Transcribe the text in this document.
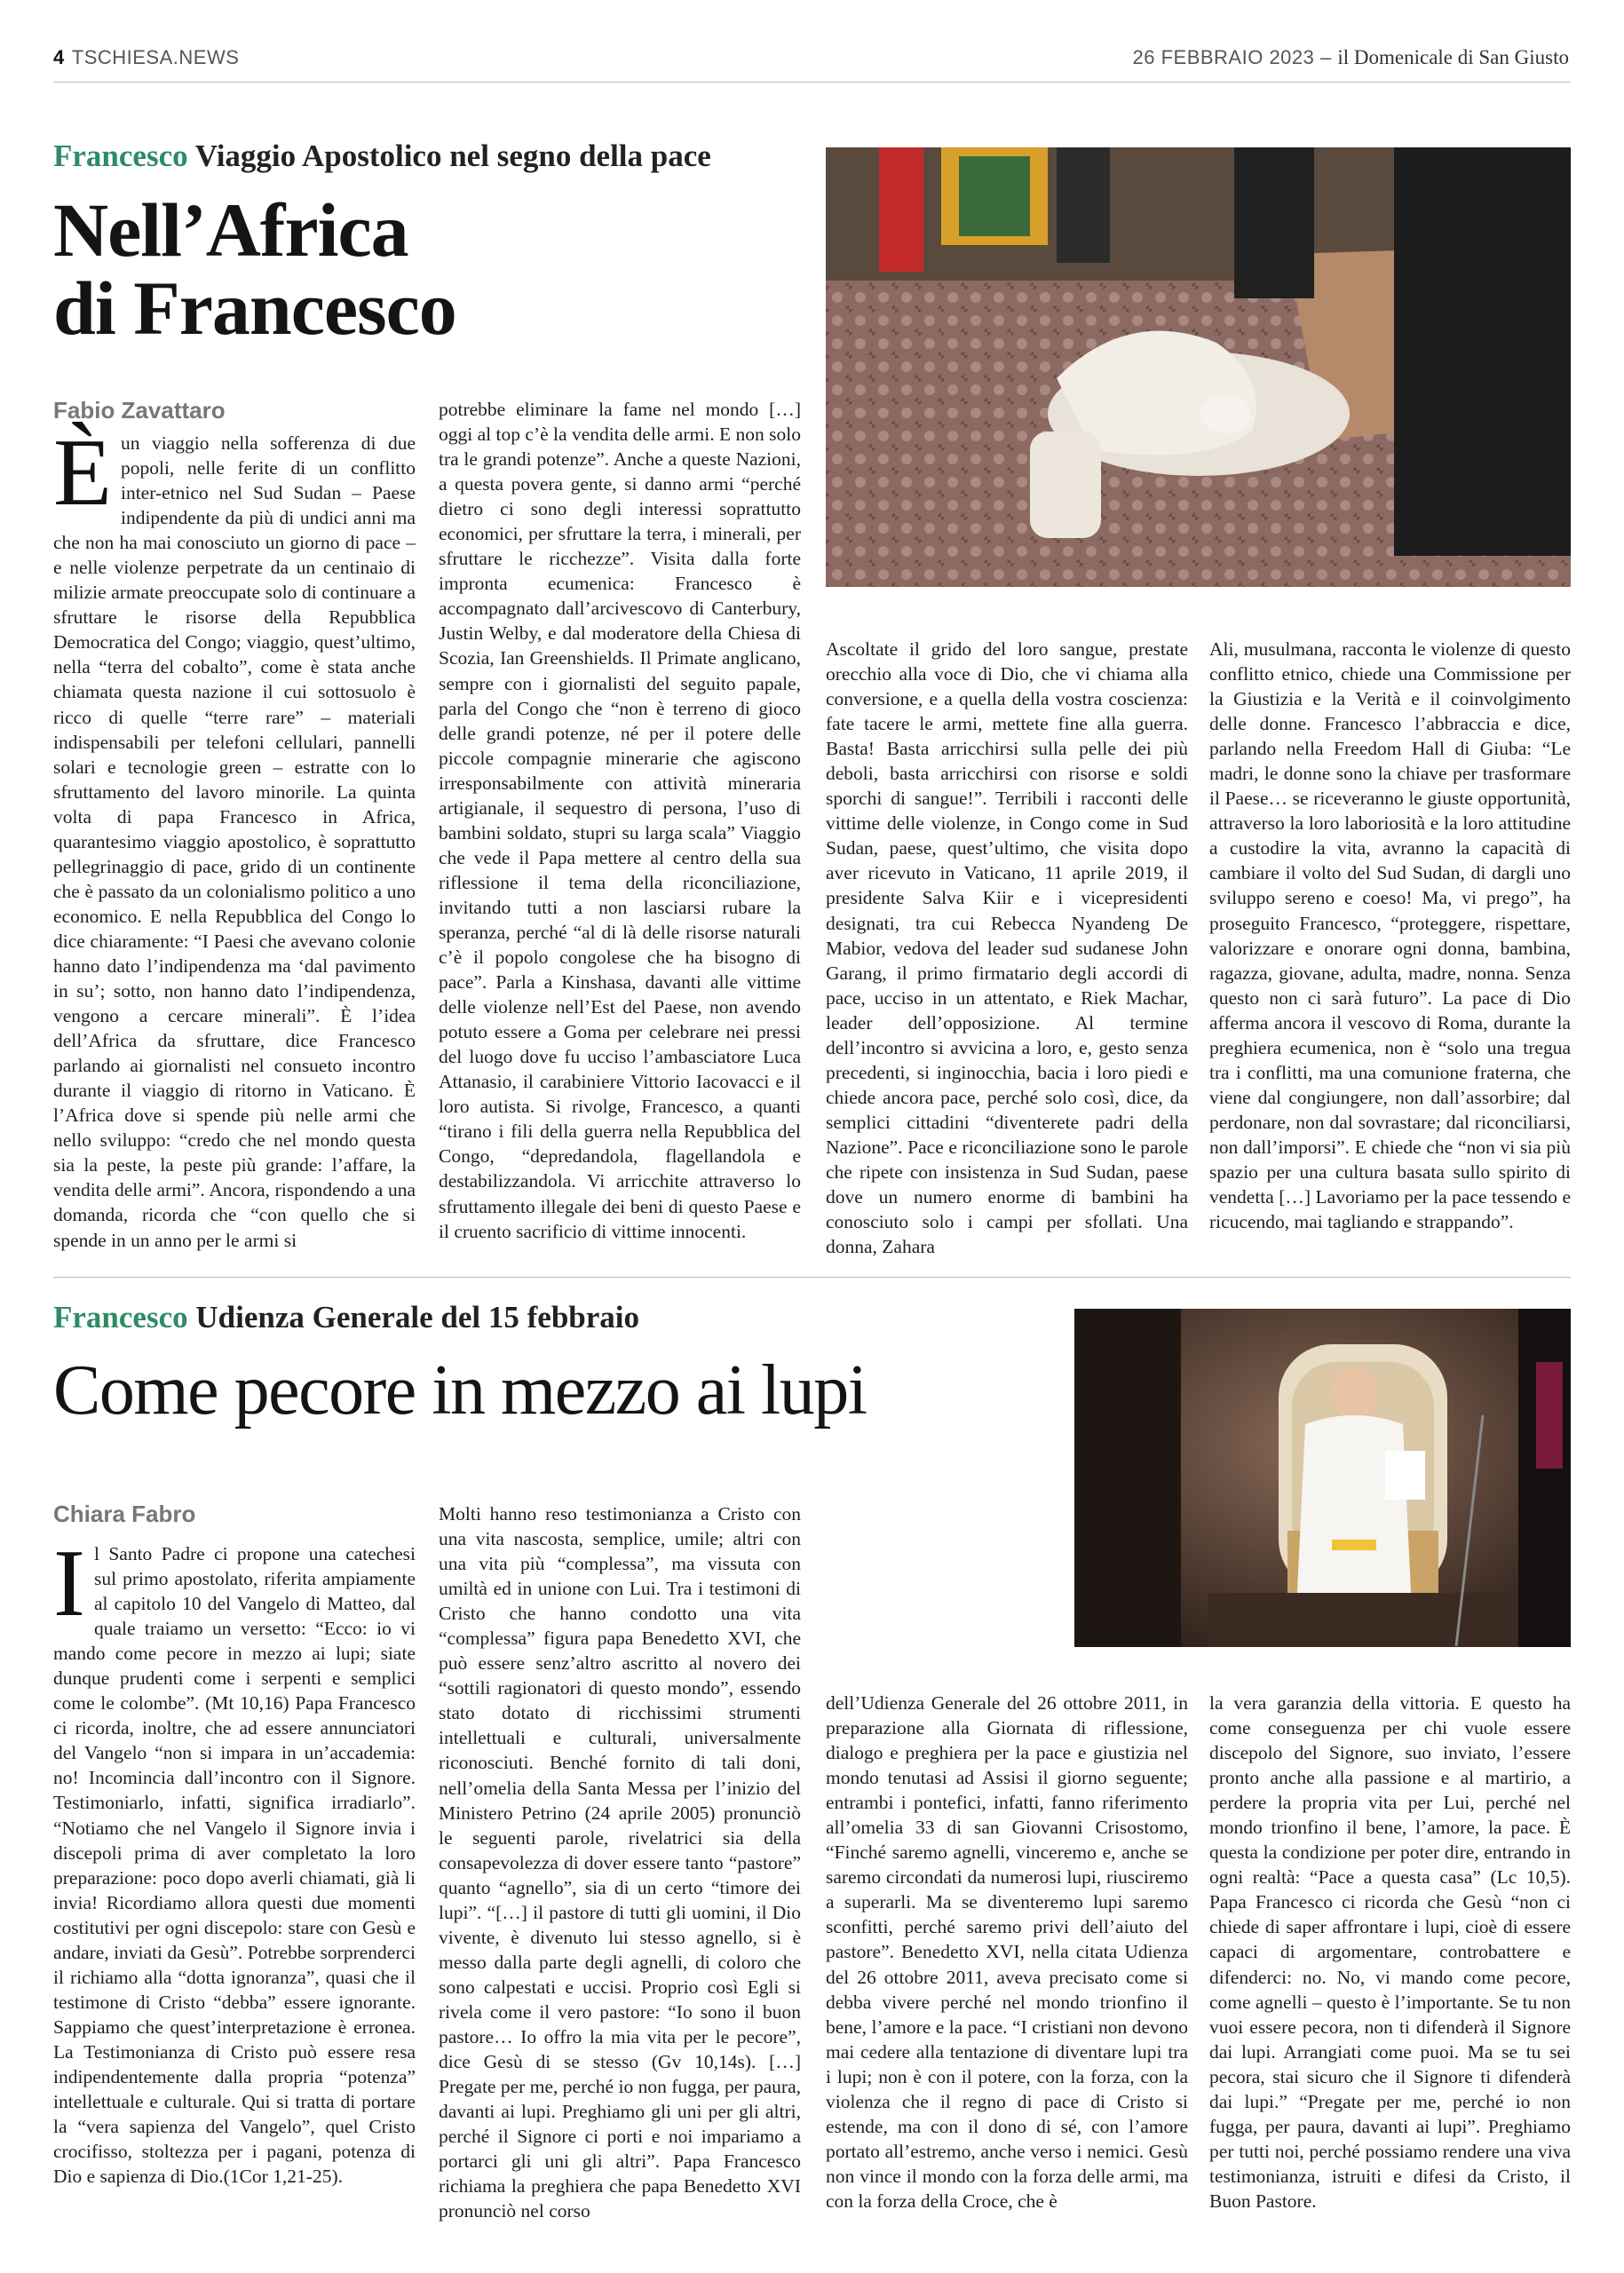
4 TSCHIESA.NEWS	26 FEBBRAIO 2023 – il Domenicale di San Giusto
Francesco Viaggio Apostolico nel segno della pace
Nell’Africa
di Francesco
Fabio Zavattaro
È un viaggio nella sofferenza di due popoli, nelle ferite di un conflitto inter-etnico nel Sud Sudan – Paese indipendente da più di undici anni ma che non ha mai conosciuto un giorno di pace – e nelle violenze perpetrate da un centinaio di milizie armate preoccupate solo di continuare a sfruttare le risorse della Repubblica Democratica del Congo; viaggio, quest’ultimo, nella “terra del cobalto”, come è stata anche chiamata questa nazione il cui sottosuolo è ricco di quelle “terre rare” – materiali indispensabili per telefoni cellulari, pannelli solari e tecnologie green – estratte con lo sfruttamento del lavoro minorile. La quinta volta di papa Francesco in Africa, quarantesimo viaggio apostolico, è soprattutto pellegrinaggio di pace, grido di un continente che è passato da un colonialismo politico a uno economico. E nella Repubblica del Congo lo dice chiaramente: “I Paesi che avevano colonie hanno dato l’indipendenza ma ‘dal pavimento in su’; sotto, non hanno dato l’indipendenza, vengono a cercare minerali”. È l’idea dell’Africa da sfruttare, dice Francesco parlando ai giornalisti nel consueto incontro durante il viaggio di ritorno in Vaticano. È l’Africa dove si spende più nelle armi che nello sviluppo: “credo che nel mondo questa sia la peste, la peste più grande: l’affare, la vendita delle armi”. Ancora, rispondendo a una domanda, ricorda che “con quello che si spende in un anno per le armi si

potrebbe eliminare la fame nel mondo […] oggi al top c’è la vendita delle armi. E non solo tra le grandi potenze”. Anche a queste Nazioni, a questa povera gente, si danno armi “perché dietro ci sono degli interessi soprattutto economici, per sfruttare la terra, i minerali, per sfruttare le ricchezze”. Visita dalla forte impronta ecumenica: Francesco è accompagnato dall’arcivescovo di Canterbury, Justin Welby, e dal moderatore della Chiesa di Scozia, Ian Greenshields. Il Primate anglicano, sempre con i giornalisti del seguito papale, parla del Congo che “non è terreno di gioco delle grandi potenze, né per il potere delle piccole compagnie minerarie che agiscono irresponsabilmente con attività mineraria artigianale, il sequestro di persona, l’uso di bambini soldato, stupri su larga scala” Viaggio che vede il Papa mettere al centro della sua riflessione il tema della riconciliazione, invitando tutti a non lasciarsi rubare la speranza, perché “al di là delle risorse naturali c’è il popolo congolese che ha bisogno di pace”. Parla a Kinshasa, davanti alle vittime delle violenze nell’Est del Paese, non avendo potuto essere a Goma per celebrare nei pressi del luogo dove fu ucciso l’ambasciatore Luca Attanasio, il carabiniere Vittorio Iacovacci e il loro autista. Si rivolge, Francesco, a quanti “tirano i fili della guerra nella Repubblica del Congo, “depredandola, flagellandola e destabilizzandola. Vi arricchite attraverso lo sfruttamento illegale dei beni di questo Paese e il cruento sacrificio di vittime innocenti.

Ascoltate il grido del loro sangue, prestate orecchio alla voce di Dio, che vi chiama alla conversione, e a quella della vostra coscienza: fate tacere le armi, mettete fine alla guerra. Basta! Basta arricchirsi sulla pelle dei più deboli, basta arricchirsi con risorse e soldi sporchi di sangue!”. Terribili i racconti delle vittime delle violenze, in Congo come in Sud Sudan, paese, quest’ultimo, che visita dopo aver ricevuto in Vaticano, 11 aprile 2019, il presidente Salva Kiir e i vicepresidenti designati, tra cui Rebecca Nyandeng De Mabior, vedova del leader sud sudanese John Garang, il primo firmatario degli accordi di pace, ucciso in un attentato, e Riek Machar, leader dell’opposizione. Al termine dell’incontro si avvicina a loro, e, gesto senza precedenti, si inginocchia, bacia i loro piedi e chiede ancora pace, perché solo così, dice, da semplici cittadini “diventerete padri della Nazione”. Pace e riconciliazione sono le parole che ripete con insistenza in Sud Sudan, paese dove un numero enorme di bambini ha conosciuto solo i campi per sfollati. Una donna, Zahara

Ali, musulmana, racconta le violenze di questo conflitto etnico, chiede una Commissione per la Giustizia e la Verità e il coinvolgimento delle donne. Francesco l’abbraccia e dice, parlando nella Freedom Hall di Giuba: “Le madri, le donne sono la chiave per trasformare il Paese… se riceveranno le giuste opportunità, attraverso la loro laboriosità e la loro attitudine a custodire la vita, avranno la capacità di cambiare il volto del Sud Sudan, di dargli uno sviluppo sereno e coeso! Ma, vi prego”, ha proseguito Francesco, “proteggere, rispettare, valorizzare e onorare ogni donna, bambina, ragazza, giovane, adulta, madre, nonna. Senza questo non ci sarà futuro”. La pace di Dio afferma ancora il vescovo di Roma, durante la preghiera ecumenica, non è “solo una tregua tra i conflitti, ma una comunione fraterna, che viene dal congiungere, non dall’assorbire; dal perdonare, non dal sovrastare; dal riconciliarsi, non dall’imporsi”. E chiede che “non vi sia più spazio per una cultura basata sullo spirito di vendetta […] Lavoriamo per la pace tessendo e ricucendo, mai tagliando e strappando”.

Francesco Udienza Generale del 15 febbraio
Come pecore in mezzo ai lupi
Chiara Fabro
I l Santo Padre ci propone una catechesi sul primo apostolato, riferita ampiamente al capitolo 10 del Vangelo di Matteo, dal quale traiamo un versetto: “Ecco: io vi mando come pecore in mezzo ai lupi; siate dunque prudenti come i serpenti e semplici come le colombe”. (Mt 10,16) Papa Francesco ci ricorda, inoltre, che ad essere annunciatori del Vangelo “non si impara in un’accademia: no! Incomincia dall’incontro con il Signore. Testimoniarlo, infatti, significa irradiarlo”. “Notiamo che nel Vangelo il Signore invia i discepoli prima di aver completato la loro preparazione: poco dopo averli chiamati, già li invia! Ricordiamo allora questi due momenti costitutivi per ogni discepolo: stare con Gesù e andare, inviati da Gesù”. Potrebbe sorprenderci il richiamo alla “dotta ignoranza”, quasi che il testimone di Cristo “debba” essere ignorante. Sappiamo che quest’interpretazione è erronea. La Testimonianza di Cristo può essere resa indipendentemente dalla propria “potenza” intellettuale e culturale. Qui si tratta di portare la “vera sapienza del Vangelo”, quel Cristo crocifisso, stoltezza per i pagani, potenza di Dio e sapienza di Dio.(1Cor 1,21-25).

Molti hanno reso testimonianza a Cristo con una vita nascosta, semplice, umile; altri con una vita più “complessa”, ma vissuta con umiltà ed in unione con Lui. Tra i testimoni di Cristo che hanno condotto una vita “complessa” figura papa Benedetto XVI, che può essere senz’altro ascritto al novero dei “sottili ragionatori di questo mondo”, essendo stato dotato di ricchissimi strumenti intellettuali e culturali, universalmente riconosciuti. Benché fornito di tali doni, nell’omelia della Santa Messa per l’inizio del Ministero Petrino (24 aprile 2005) pronunciò le seguenti parole, rivelatrici sia della consapevolezza di dover essere tanto “pastore” quanto “agnello”, sia di un certo “timore dei lupi”. “[…] il pastore di tutti gli uomini, il Dio vivente, è divenuto lui stesso agnello, si è messo dalla parte degli agnelli, di coloro che sono calpestati e uccisi. Proprio così Egli si rivela come il vero pastore: “Io sono il buon pastore… Io offro la mia vita per le pecore”, dice Gesù di se stesso (Gv 10,14s). […] Pregate per me, perché io non fugga, per paura, davanti ai lupi. Preghiamo gli uni per gli altri, perché il Signore ci porti e noi impariamo a portarci gli uni gli altri”. Papa Francesco richiama la preghiera che papa Benedetto XVI pronunciò nel corso

dell’Udienza Generale del 26 ottobre 2011, in preparazione alla Giornata di riflessione, dialogo e preghiera per la pace e giustizia nel mondo tenutasi ad Assisi il giorno seguente; entrambi i pontefici, infatti, fanno riferimento all’omelia 33 di san Giovanni Crisostomo, “Finché saremo agnelli, vinceremo e, anche se saremo circondati da numerosi lupi, riusciremo a superarli. Ma se diventeremo lupi saremo sconfitti, perché saremo privi dell’aiuto del pastore”. Benedetto XVI, nella citata Udienza del 26 ottobre 2011, aveva precisato come si debba vivere perché nel mondo trionfino il bene, l’amore e la pace. “I cristiani non devono mai cedere alla tentazione di diventare lupi tra i lupi; non è con il potere, con la forza, con la violenza che il regno di pace di Cristo si estende, ma con il dono di sé, con l’amore portato all’estremo, anche verso i nemici. Gesù non vince il mondo con la forza delle armi, ma con la forza della Croce, che è

la vera garanzia della vittoria. E questo ha come conseguenza per chi vuole essere discepolo del Signore, suo inviato, l’essere pronto anche alla passione e al martirio, a perdere la propria vita per Lui, perché nel mondo trionfino il bene, l’amore, la pace. È questa la condizione per poter dire, entrando in ogni realtà: “Pace a questa casa” (Lc 10,5). Papa Francesco ci ricorda che Gesù “non ci chiede di saper affrontare i lupi, cioè di essere capaci di argomentare, controbattere e difenderci: no. No, vi mando come pecore, come agnelli – questo è l’importante. Se tu non vuoi essere pecora, non ti difenderà il Signore dai lupi. Arrangiati come puoi. Ma se tu sei pecora, stai sicuro che il Signore ti difenderà dai lupi.” “Pregate per me, perché io non fugga, per paura, davanti ai lupi”. Preghiamo per tutti noi, perché possiamo rendere una viva testimonianza, istruiti e difesi da Cristo, il Buon Pastore.
